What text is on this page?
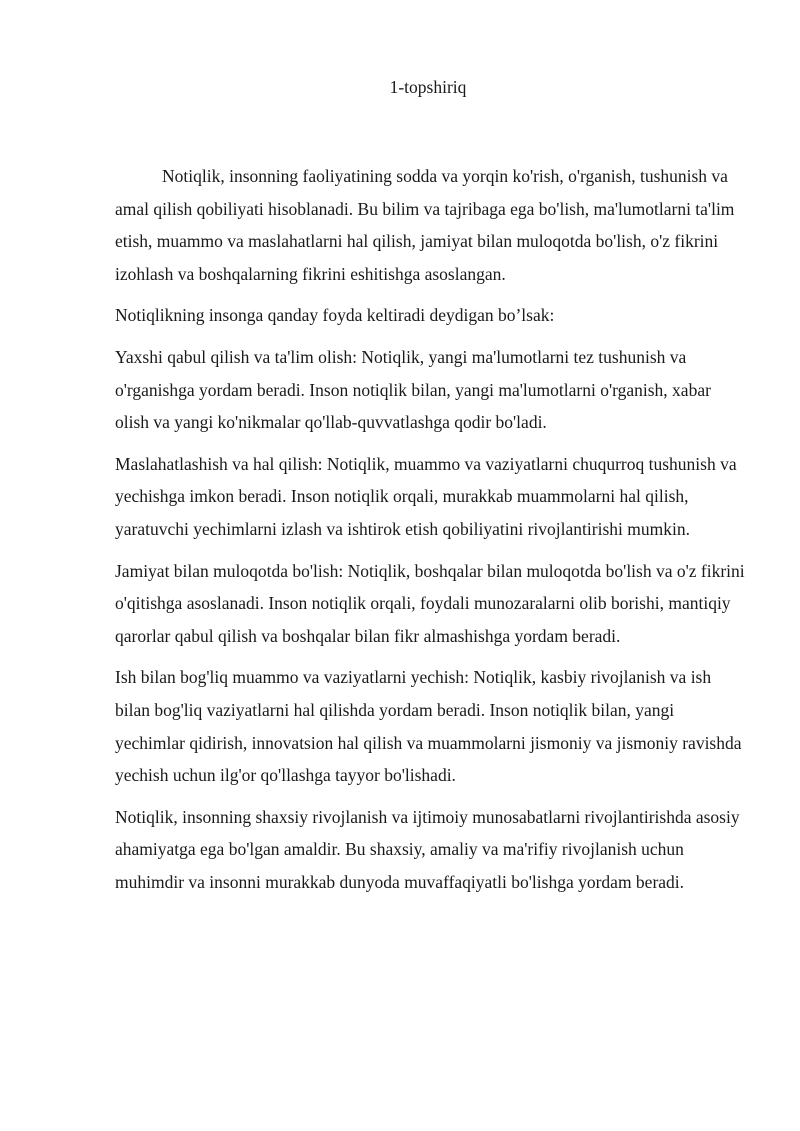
1-topshiriq

Notiqlik, insonning faoliyatining sodda va yorqin ko'rish, o'rganish, tushunish va amal qilish qobiliyati hisoblanadi. Bu bilim va tajribaga ega bo'lish, ma'lumotlarni ta'lim etish, muammo va maslahatlarni hal qilish, jamiyat bilan muloqotda bo'lish, o'z fikrini izohlash va boshqalarning fikrini eshitishga asoslangan.

Notiqlikning insonga qanday foyda keltiradi deydigan bo’lsak:

Yaxshi qabul qilish va ta'lim olish: Notiqlik, yangi ma'lumotlarni tez tushunish va o'rganishga yordam beradi. Inson notiqlik bilan, yangi ma'lumotlarni o'rganish, xabar olish va yangi ko'nikmalar qo'llab-quvvatlashga qodir bo'ladi.

Maslahatlashish va hal qilish: Notiqlik, muammo va vaziyatlarni chuqurroq tushunish va yechishga imkon beradi. Inson notiqlik orqali, murakkab muammolarni hal qilish, yaratuvchi yechimlarni izlash va ishtirok etish qobiliyatini rivojlantirishi mumkin.

Jamiyat bilan muloqotda bo'lish: Notiqlik, boshqalar bilan muloqotda bo'lish va o'z fikrini o'qitishga asoslanadi. Inson notiqlik orqali, foydali munozaralarni olib borishi, mantiqiy qarorlar qabul qilish va boshqalar bilan fikr almashishga yordam beradi.

Ish bilan bog'liq muammo va vaziyatlarni yechish: Notiqlik, kasbiy rivojlanish va ish bilan bog'liq vaziyatlarni hal qilishda yordam beradi. Inson notiqlik bilan, yangi yechimlar qidirish, innovatsion hal qilish va muammolarni jismoniy va jismoniy ravishda yechish uchun ilg'or qo'llashga tayyor bo'lishadi.

Notiqlik, insonning shaxsiy rivojlanish va ijtimoiy munosabatlarni rivojlantirishda asosiy ahamiyatga ega bo'lgan amaldir. Bu shaxsiy, amaliy va ma'rifiy rivojlanish uchun muhimdir va insonni murakkab dunyoda muvaffaqiyatli bo'lishga yordam beradi.
